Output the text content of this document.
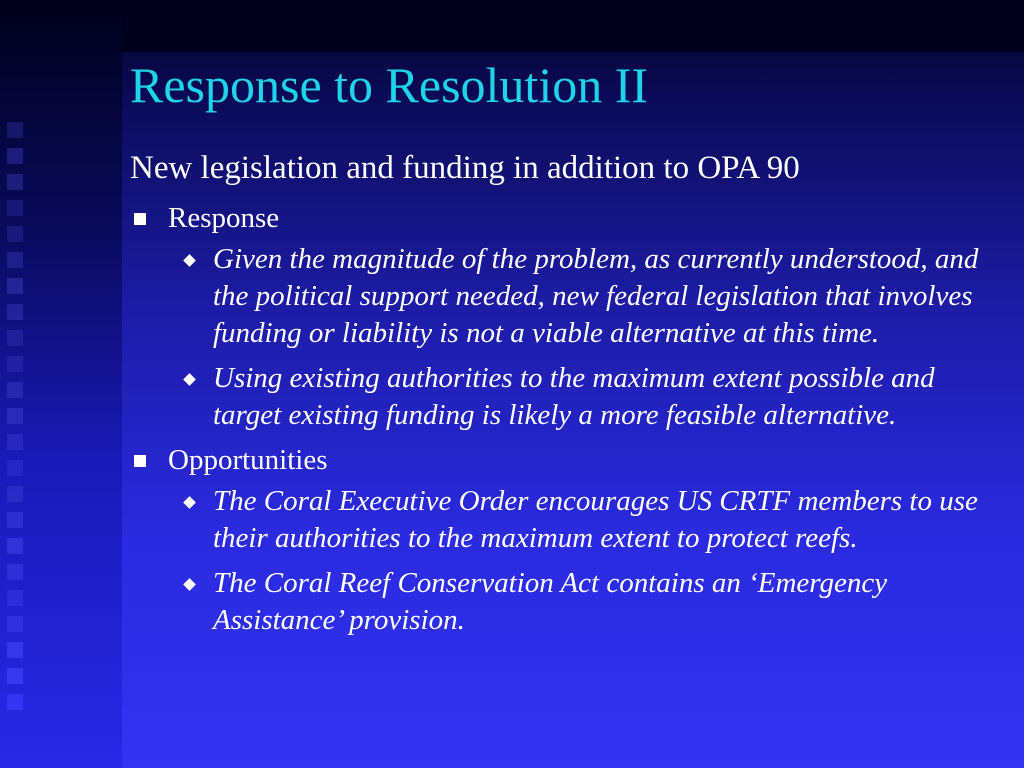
Response to Resolution II

New legislation and funding in addition to OPA 90

Response
Given the magnitude of the problem, as currently understood, and the political support needed, new federal legislation that involves funding or liability is not a viable alternative at this time.
Using existing authorities to the maximum extent possible and target existing funding is likely a more feasible alternative.
Opportunities
The Coral Executive Order encourages US CRTF members to use their authorities to the maximum extent to protect reefs.
The Coral Reef Conservation Act contains an ‘Emergency Assistance’ provision.
